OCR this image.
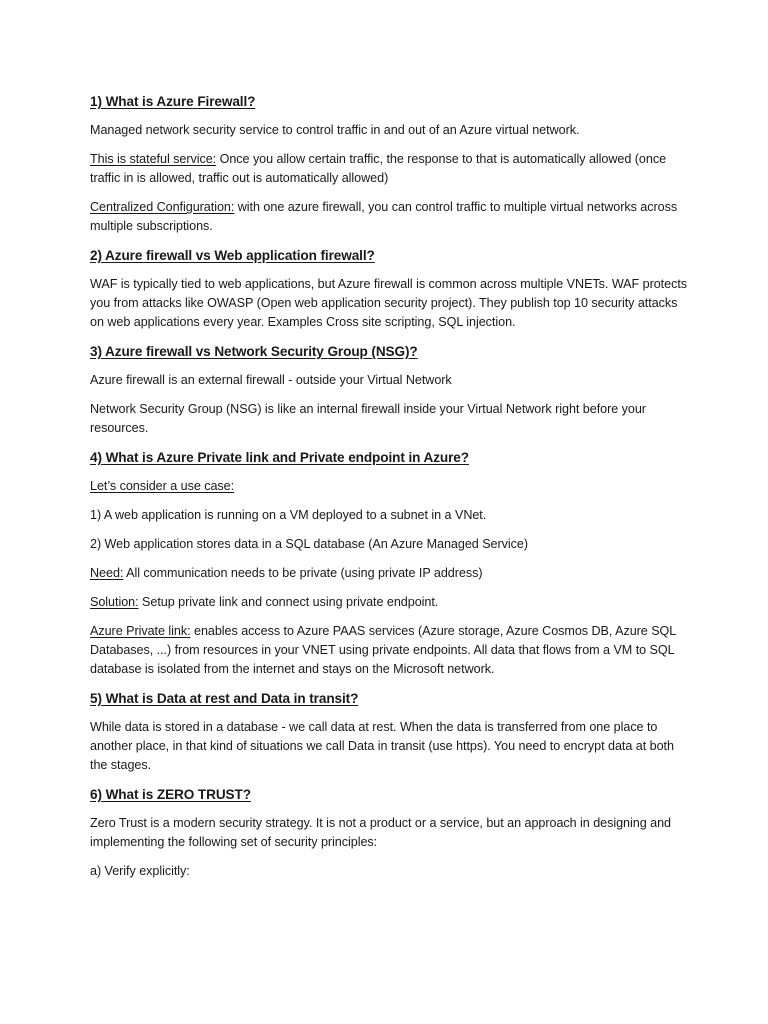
1) What is Azure Firewall?

Managed network security service to control traffic in and out of an Azure virtual network.

This is stateful service: Once you allow certain traffic, the response to that is automatically allowed (once traffic in is allowed, traffic out is automatically allowed)

Centralized Configuration: with one azure firewall, you can control traffic to multiple virtual networks across multiple subscriptions.

2) Azure firewall vs Web application firewall?

WAF is typically tied to web applications, but Azure firewall is common across multiple VNETs. WAF protects you from attacks like OWASP (Open web application security project). They publish top 10 security attacks on web applications every year. Examples Cross site scripting, SQL injection.

3) Azure firewall vs Network Security Group (NSG)?

Azure firewall is an external firewall - outside your Virtual Network

Network Security Group (NSG) is like an internal firewall inside your Virtual Network right before your resources.

4) What is Azure Private link and Private endpoint in Azure?

Let’s consider a use case:

1) A web application is running on a VM deployed to a subnet in a VNet.

2) Web application stores data in a SQL database (An Azure Managed Service)

Need: All communication needs to be private (using private IP address)

Solution: Setup private link and connect using private endpoint.

Azure Private link: enables access to Azure PAAS services (Azure storage, Azure Cosmos DB, Azure SQL Databases, ...) from resources in your VNET using private endpoints. All data that flows from a VM to SQL database is isolated from the internet and stays on the Microsoft network.

5) What is Data at rest and Data in transit?

While data is stored in a database - we call data at rest. When the data is transferred from one place to another place, in that kind of situations we call Data in transit (use https). You need to encrypt data at both the stages.

6) What is ZERO TRUST?

Zero Trust is a modern security strategy. It is not a product or a service, but an approach in designing and implementing the following set of security principles:

a) Verify explicitly:
